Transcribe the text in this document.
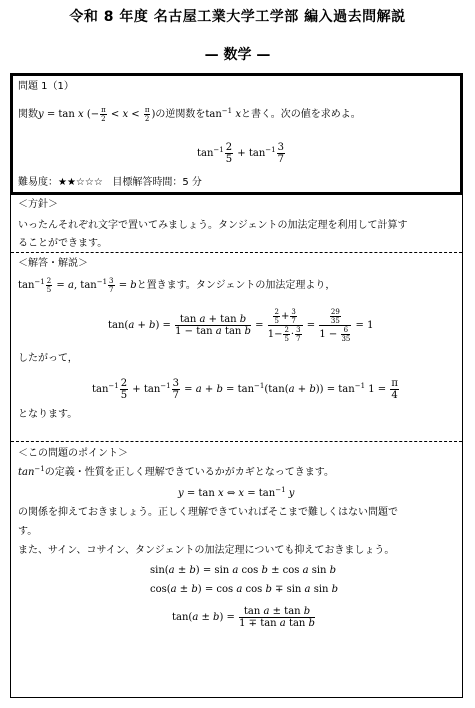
令和 8 年度 名古屋工業大学工学部 編入過去問解説
— 数学 —
問題 1（1）
関数y = tan x (− $\frac{\pi}{2} < x < \frac{\pi}{2}$ )の逆関数を$\tan^{-1} x$と書く。次の値を求めよ。
$\tan^{-1} \frac{2}{5} + \tan^{-1} \frac{3}{7}$
難易度：★★☆☆☆ 目標解答時間：5 分
＜方針＞
いったんそれぞれ文字で置いてみましょう。タンジェントの加法定理を利用して計算す
ることができます。
＜解答・解説＞
$\tan^{-1} \frac{2}{5} = a$, $\tan^{-1} \frac{3}{7} = b$と置きます。タンジェントの加法定理より，
$\tan(a + b) = \frac{\text{tan a + tan b}}{\text{1 − tan a tan b}} = \frac{\frac{2}{5} + \frac{3}{7}}{1- \frac{2}{5} \cdot \frac{3}{7}} = \frac{\frac{29}{35}}{1 - \frac{6}{35}} = 1$
したがって，
$\tan^{-1} \frac{2}{5} + \tan^{-1} \frac{3}{7} = a + b = \tan^{-1}(\tan(a + b)) = \tan^{-1} 1 = \frac{\pi}{4}$
となります。
＜この問題のポイント＞
$\tan^{-1}$の定義・性質を正しく理解できているかがカギとなってきます。
y = tan x ⇔ $x = \tan^{-1} y$
の関係を抑えておきましょう。正しく理解できていればそこまで難しくはない問題で
す。
また、サイン、コサイン、タンジェントの加法定理についても抑えておきましょう。
sin(a ± b) = sin a cos b ± cos a sin b
cos(a ± b) = cos a cos b ∓ sin a sin b
$\tan(a \pm b) = \frac{\text{tan a ± tan b}}{\text{1 ∓ tan a tan b}}$
